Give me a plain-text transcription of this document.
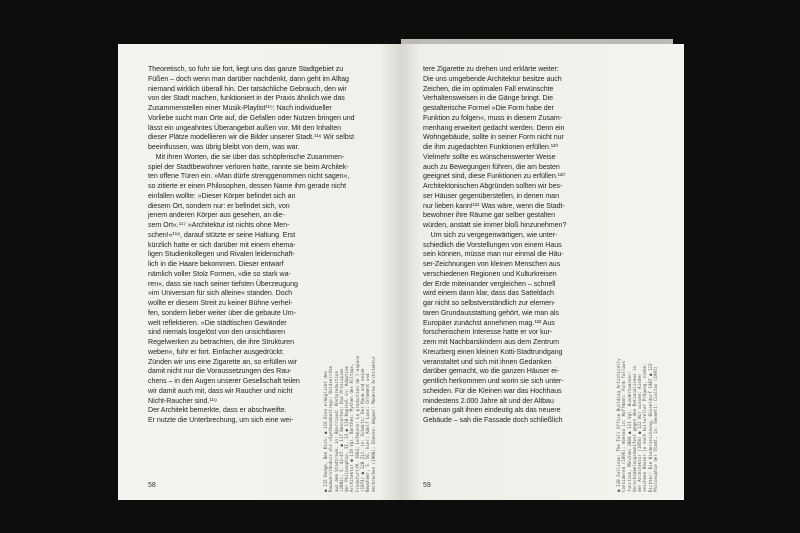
Theoretisch, so fuhr sie fort, liegt uns das ganze Stadtgebiet zu
Füßen – doch wenn man darüber nachdenkt, dann geht im Alltag
niemand wirklich überall hin. Der tatsächliche Gebrauch, den wir
von der Stadt machen, funktioniert in der Praxis ähnlich wie das
Zusammenstellen einer Musik-Playlist¹¹⁵: Nach individueller
Vorliebe sucht man Orte auf, die Gefallen oder Nutzen bringen und
lässt ein ungeahntes Überangebot außen vor. Mit den Inhalten
dieser Plätze modellieren wir die Bilder unserer Stadt.¹¹⁶ Wir selbst
beeinflussen, was übrig bleibt von dem, was war.
Mit ihren Worten, die sie über das schöpferische Zusammen-
spiel der Stadtbewohner verloren hatte, rannte sie beim Architek-
ten offene Türen ein. »Man dürfe strenggenommen nicht sagen«,
so zitierte er einen Philosophen, dessen Name ihm gerade nicht
einfallen wollte: »Dieser Körper befindet sich an
diesem Ort, sondern nur: er befindet sich, von
jenem anderen Körper aus gesehen, an die-
sem Ort«.¹¹⁷ »Architektur ist nichts ohne Men-
schen!«¹¹⁸, darauf stützte er seine Haltung. Erst
kürzlich hatte er sich darüber mit einem ehema-
ligen Studienkollegen und Rivalen leidenschaft-
lich in die Haare bekommen. Dieser entwarf
nämlich voller Stolz Formen, »die so stark wa-
ren«, dass sie nach seiner tiefsten Überzeugung
»im Universum für sich alleine« standen. Doch
wollte er diesem Streit zu keiner Bühne verhel-
fen, sondern lieber weiter über die gebaute Um-
welt reflektieren. »Die städtischen Gewänder
sind niemals losgelöst von den unsichtbaren
Regelwerken zu betrachten, die ihre Strukturen
weben«, fuhr er fort. Einfacher ausgedrückt:
Zünden wir uns eine Zigarette an, so erfüllen wir
damit nicht nur die Voraussetzungen des Rau-
chens – in den Augen unserer Gesellschaft teilen
wir damit auch mit, dass wir Raucher und nicht
Nicht-Raucher sind.¹¹⁹
Der Architekt bemerkte, dass er abschweifte.
Er nutzte die Unterbrechung, um sich eine wei-

● 115 Dodge, Ben Rich: ● 116 Dies ermöglicht den
Raumverständnis als »Synthesebeitrag«: Bildvorräte
aus dem Stadtraum, in: Bourriaud: Postproduction
(2002), S. 42–47. ● 117 Descartes: Die Prinzipien
der Philosophie, II, 13 ● 118 Kapitel in: Adaptive
Architektur ● 119 Vgl. Barthes: Mythen des Alltags,
Frankfurt/M. 1964; Lefebvre: La production de l'espace
(1974) ● 120 Zit. in: Schmitz: Der Raum und seine
Bewohner, S. 56, hier: Adolf Loos: Ornament und
Verbrechen (1908); Ebenso: Wagner: Moderne Architektur
58

tere Zigarette zu drehen und erklärte weiter:
Die uns umgebende Architektur besitze auch
Zeichen, die im optimalen Fall erwünschte
Verhaltensweisen in die Gänge bringt. Die
gestalterische Formel »Die Form habe der
Funktion zu folgen«, muss in diesem Zusam-
menhang erweitert gedacht werden. Denn ein
Wohngebäude, sollte in seiner Form nicht nur
die ihm zugedachten Funktionen erfüllen.¹²⁰
Vielmehr sollte es wünschenswerter Weise
auch zu Bewegungen führen, die am besten
geeignet sind, diese Funktionen zu erfüllen.¹²⁰
Architektonischen Abgründen sollten wir bes-
ser Häuser gegenüberstellen, in denen man
nur lieben kann!¹²¹ Was wäre, wenn die Stadt-
bewohner ihre Räume gar selber gestalten
würden, anstatt sie immer bloß hinzunehmen?
Um sich zu vergegenwärtigen, wie unter-
schiedlich die Vorstellungen von einem Haus
sein können, müsse man nur einmal die Häu-
ser-Zeichnungen von kleinen Menschen aus
verschiedenen Regionen und Kulturkreisen
der Erde miteinander vergleichen – schnell
wird einem dann klar, dass das Satteldach
gar nicht so selbstverständlich zur elemen-
taren Grundausstattung gehört, wie man als
Europäer zunächst annehmen mag.¹²² Aus
forscherischem Interesse hatte er vor kur-
zem mit Nachbarskindern aus dem Zentrum
Kreuzberg einen kleinen Kotti-Stadtrundgang
veranstaltet und sich mit ihnen Gedanken
darüber gemacht, wo die ganzen Häuser ei-
gentlich herkommen und worin sie sich unter-
scheiden. Für die Kleinen war das Hochhaus
mindestens 2.000 Jahre alt und der Altbau
nebenan galt ihnen eindeutig als das neuere
Gebäude – sah die Fassade doch schließlich

● 120 Sullivan: The Tall Office Building Artistically
Considered (1896); ebenso in: Hoffmann: Form follows
function, München 2004 ● 121 Vgl. Hundertwasser:
Verschimmelungsmanifest gegen den Rationalismus in
der Architektur (1958) ● 122 Wir wissen: Kinder
zeichnen Häuser je nach kultureller Prägung, siehe:
Richter: Die Kinderzeichnung, Düsseldorf 1987 ● 123
Philosophie der Stadt, in: Sennett: Civitas (1991)
59
